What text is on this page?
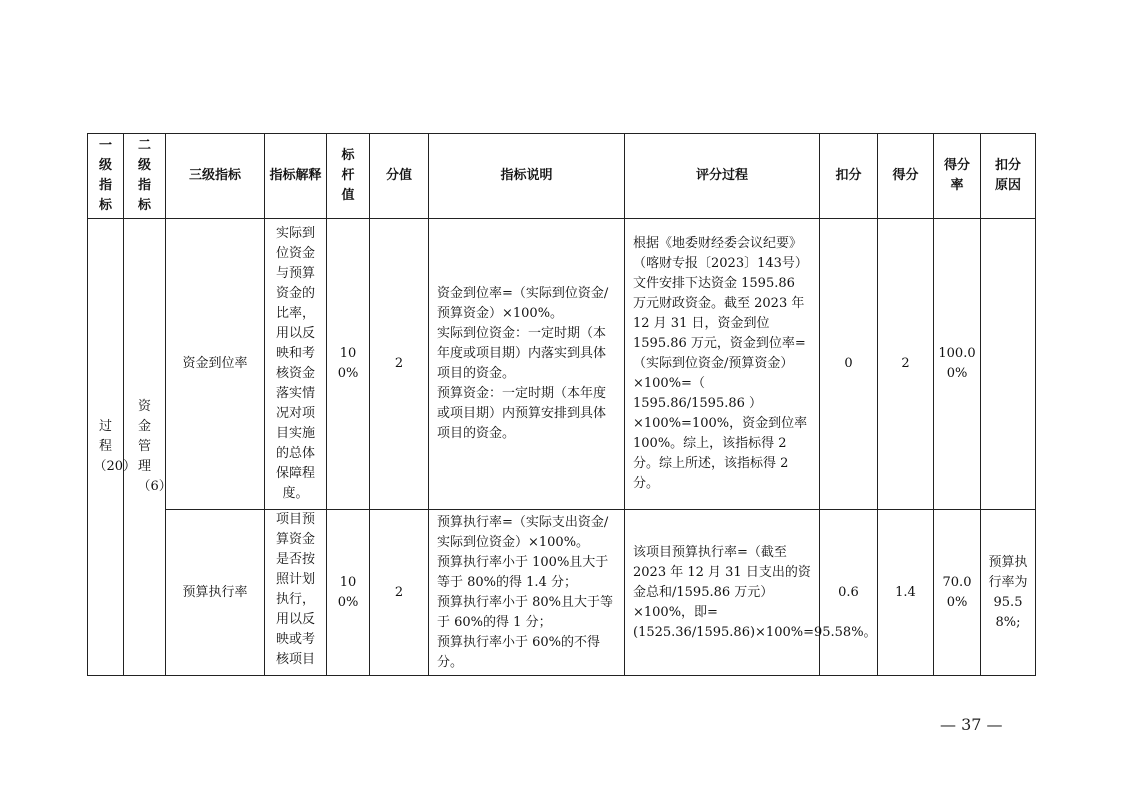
一级指标	二级指标	三级指标	指标解释	标杆值	分值	指标说明	评分过程	扣分	得分	得分率	扣分原因

过程（20）	资金管理（6）	资金到位率	实际到位资金与预算资金的比率，用以反映和考核资金落实情况对项目实施的总体保障程度。	100%	2	资金到位率=（实际到位资金/预算资金）×100%。
实际到位资金：一定时期（本年度或项目期）内落实到具体项目的资金。
预算资金：一定时期（本年度或项目期）内预算安排到具体项目的资金。	根据《地委财经委会议纪要》（喀财专报〔2023〕143号）文件安排下达资金 1595.86 万元财政资金。截至 2023 年 12 月 31 日，资金到位 1595.86 万元，资金到位率=（实际到位资金/预算资金）×100%=（ 1595.86/1595.86 ）×100%=100%，资金到位率100%。综上，该指标得 2 分。综上所述，该指标得 2 分。	0	2	100.00%	

		预算执行率	项目预算资金是否按照计划执行，用以反映或考核项目	100%	2	预算执行率=（实际支出资金/实际到位资金）×100%。
预算执行率小于 100%且大于等于 80%的得 1.4 分；
预算执行率小于 80%且大于等于 60%的得 1 分；
预算执行率小于 60%的不得分。	该项目预算执行率=（截至 2023 年 12 月 31 日支出的资金总和/1595.86 万元）×100%，即=(1525.36/1595.86)×100%=95.58%。	0.6	1.4	70.00%	预算执行率为95.58%;
— 37 —
